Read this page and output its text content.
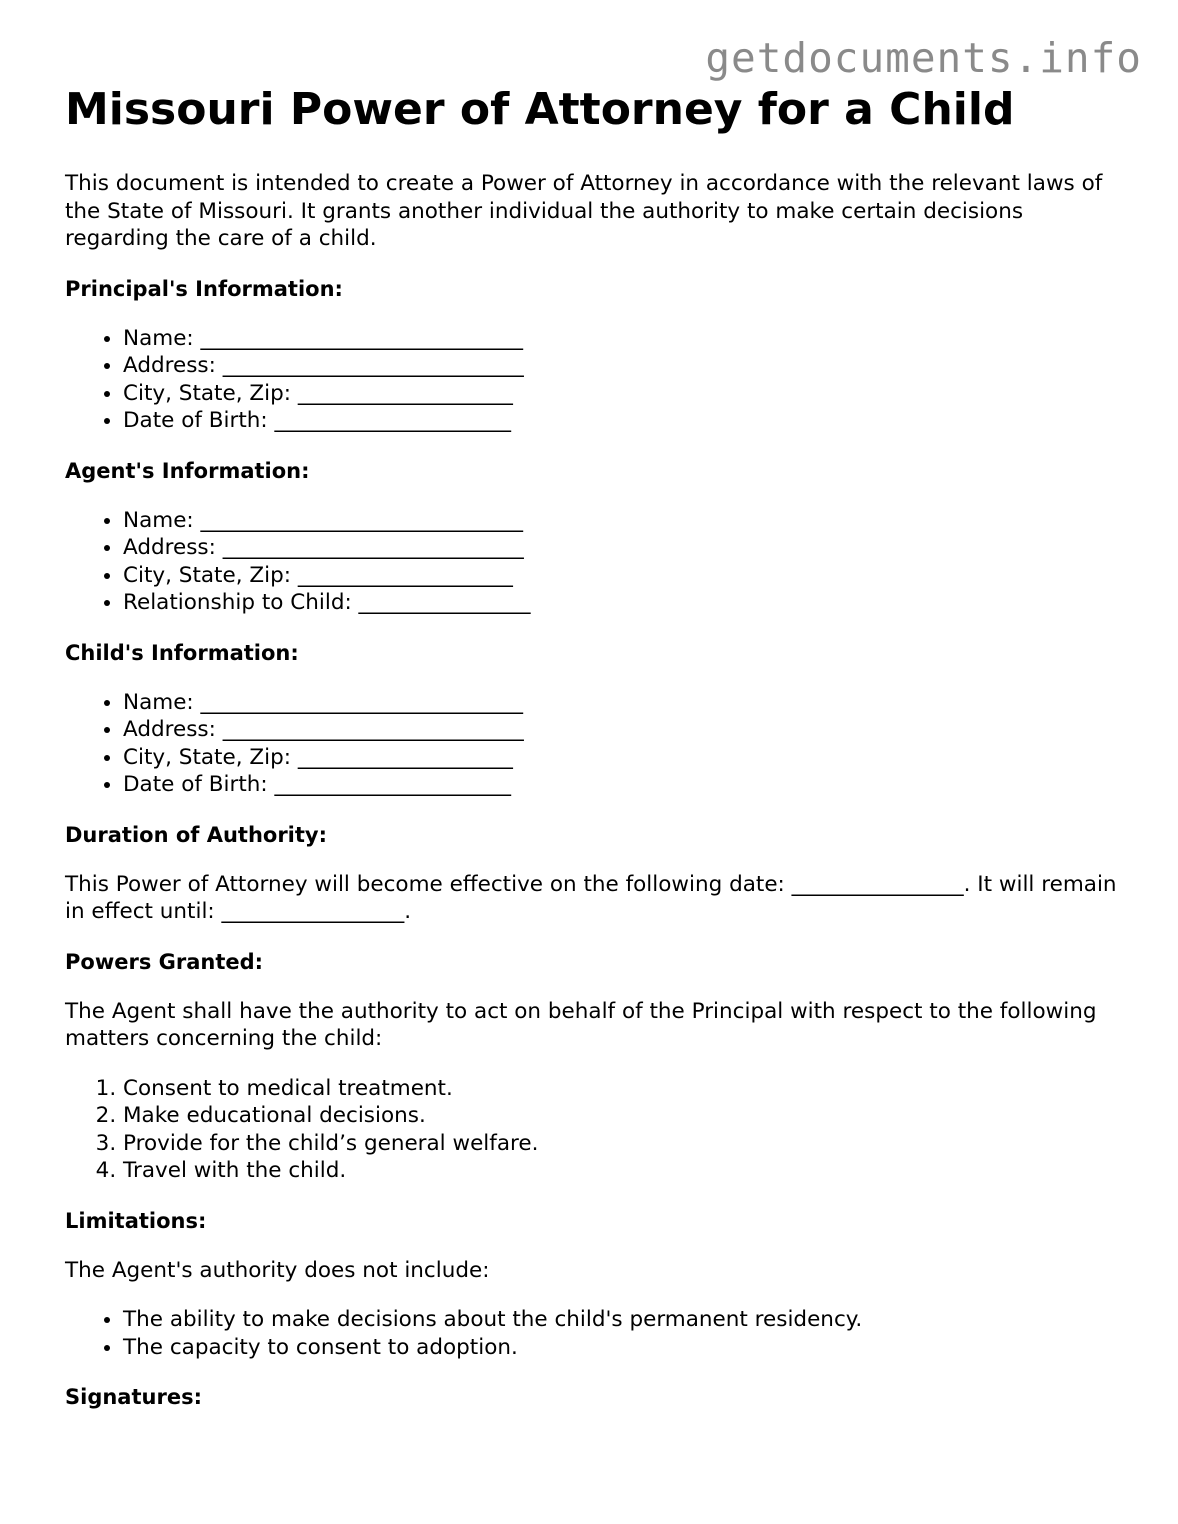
getdocuments.info
Missouri Power of Attorney for a Child

This document is intended to create a Power of Attorney in accordance with the relevant laws of the State of Missouri. It grants another individual the authority to make certain decisions regarding the care of a child.

Principal's Information:
• Name: ______________________________
• Address: ____________________________
• City, State, Zip: ____________________
• Date of Birth: ______________________
Agent's Information:
• Name: ______________________________
• Address: ____________________________
• City, State, Zip: ____________________
• Relationship to Child: ________________
Child's Information:
• Name: ______________________________
• Address: ____________________________
• City, State, Zip: ____________________
• Date of Birth: ______________________
Duration of Authority:

This Power of Attorney will become effective on the following date: ________________. It will remain in effect until: _________________.

Powers Granted:

The Agent shall have the authority to act on behalf of the Principal with respect to the following matters concerning the child:

1. Consent to medical treatment.
2. Make educational decisions.
3. Provide for the child’s general welfare.
4. Travel with the child.
Limitations:

The Agent's authority does not include:

• The ability to make decisions about the child's permanent residency.
• The capacity to consent to adoption.
Signatures:
